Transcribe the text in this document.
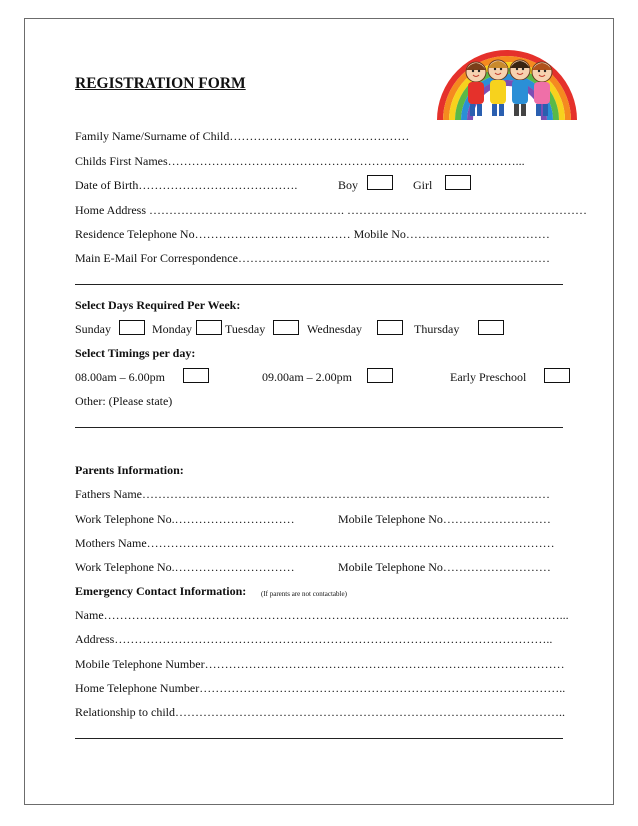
REGISTRATION FORM
Family Name/Surname of Child………………………………………
Childs First Names……………………………………………………………………………...
Date of Birth………………………………….	Boy	Girl
Home Address …………………………………………. ……………………………………………………
Residence Telephone No………………………………… Mobile No………………………………
Main E-Mail For Correspondence……………………………………………………………………
Select Days Required Per Week:
Sunday	Monday	Tuesday	Wednesday	Thursday
Select Timings per day:
08.00am – 6.00pm	09.00am – 2.00pm	Early Preschool
Other: (Please state)
Parents Information:
Fathers Name…………………………………………………………………………………………
Work Telephone No.…………………………	Mobile Telephone No………………………
Mothers Name…………………………………………………………………………………………
Work Telephone No.…………………………	Mobile Telephone No………………………
Emergency Contact Information: (If parents are not contactable)
Name……………………………………………………………………………………………………...
Address………………………………………………………………………………………………..
Mobile Telephone Number………………………………………………………………………………
Home Telephone Number………………………………………………………………………………..
Relationship to child……………………………………………………………………………………..
